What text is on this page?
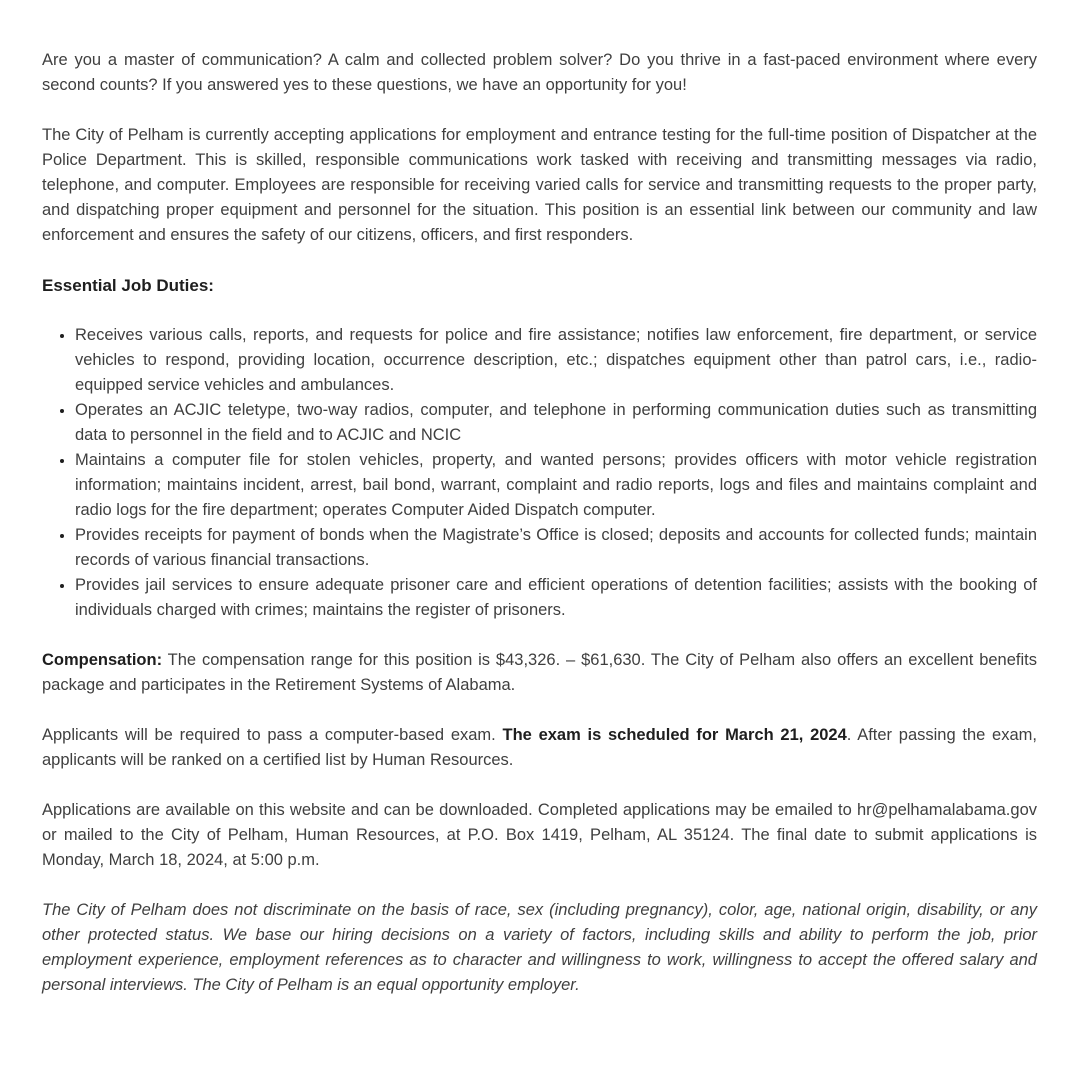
Are you a master of communication? A calm and collected problem solver? Do you thrive in a fast-paced environment where every second counts? If you answered yes to these questions, we have an opportunity for you!

The City of Pelham is currently accepting applications for employment and entrance testing for the full-time position of Dispatcher at the Police Department. This is skilled, responsible communications work tasked with receiving and transmitting messages via radio, telephone, and computer. Employees are responsible for receiving varied calls for service and transmitting requests to the proper party, and dispatching proper equipment and personnel for the situation. This position is an essential link between our community and law enforcement and ensures the safety of our citizens, officers, and first responders.

Essential Job Duties:

• Receives various calls, reports, and requests for police and fire assistance; notifies law enforcement, fire department, or service vehicles to respond, providing location, occurrence description, etc.; dispatches equipment other than patrol cars, i.e., radio-equipped service vehicles and ambulances.
• Operates an ACJIC teletype, two-way radios, computer, and telephone in performing communication duties such as transmitting data to personnel in the field and to ACJIC and NCIC
• Maintains a computer file for stolen vehicles, property, and wanted persons; provides officers with motor vehicle registration information; maintains incident, arrest, bail bond, warrant, complaint and radio reports, logs and files and maintains complaint and radio logs for the fire department; operates Computer Aided Dispatch computer.
• Provides receipts for payment of bonds when the Magistrate’s Office is closed; deposits and accounts for collected funds; maintain records of various financial transactions.
• Provides jail services to ensure adequate prisoner care and efficient operations of detention facilities; assists with the booking of individuals charged with crimes; maintains the register of prisoners.

Compensation: The compensation range for this position is $43,326. – $61,630. The City of Pelham also offers an excellent benefits package and participates in the Retirement Systems of Alabama.

Applicants will be required to pass a computer-based exam. The exam is scheduled for March 21, 2024. After passing the exam, applicants will be ranked on a certified list by Human Resources.

Applications are available on this website and can be downloaded. Completed applications may be emailed to hr@pelhamalabama.gov or mailed to the City of Pelham, Human Resources, at P.O. Box 1419, Pelham, AL 35124. The final date to submit applications is Monday, March 18, 2024, at 5:00 p.m.

The City of Pelham does not discriminate on the basis of race, sex (including pregnancy), color, age, national origin, disability, or any other protected status. We base our hiring decisions on a variety of factors, including skills and ability to perform the job, prior employment experience, employment references as to character and willingness to work, willingness to accept the offered salary and personal interviews. The City of Pelham is an equal opportunity employer.
